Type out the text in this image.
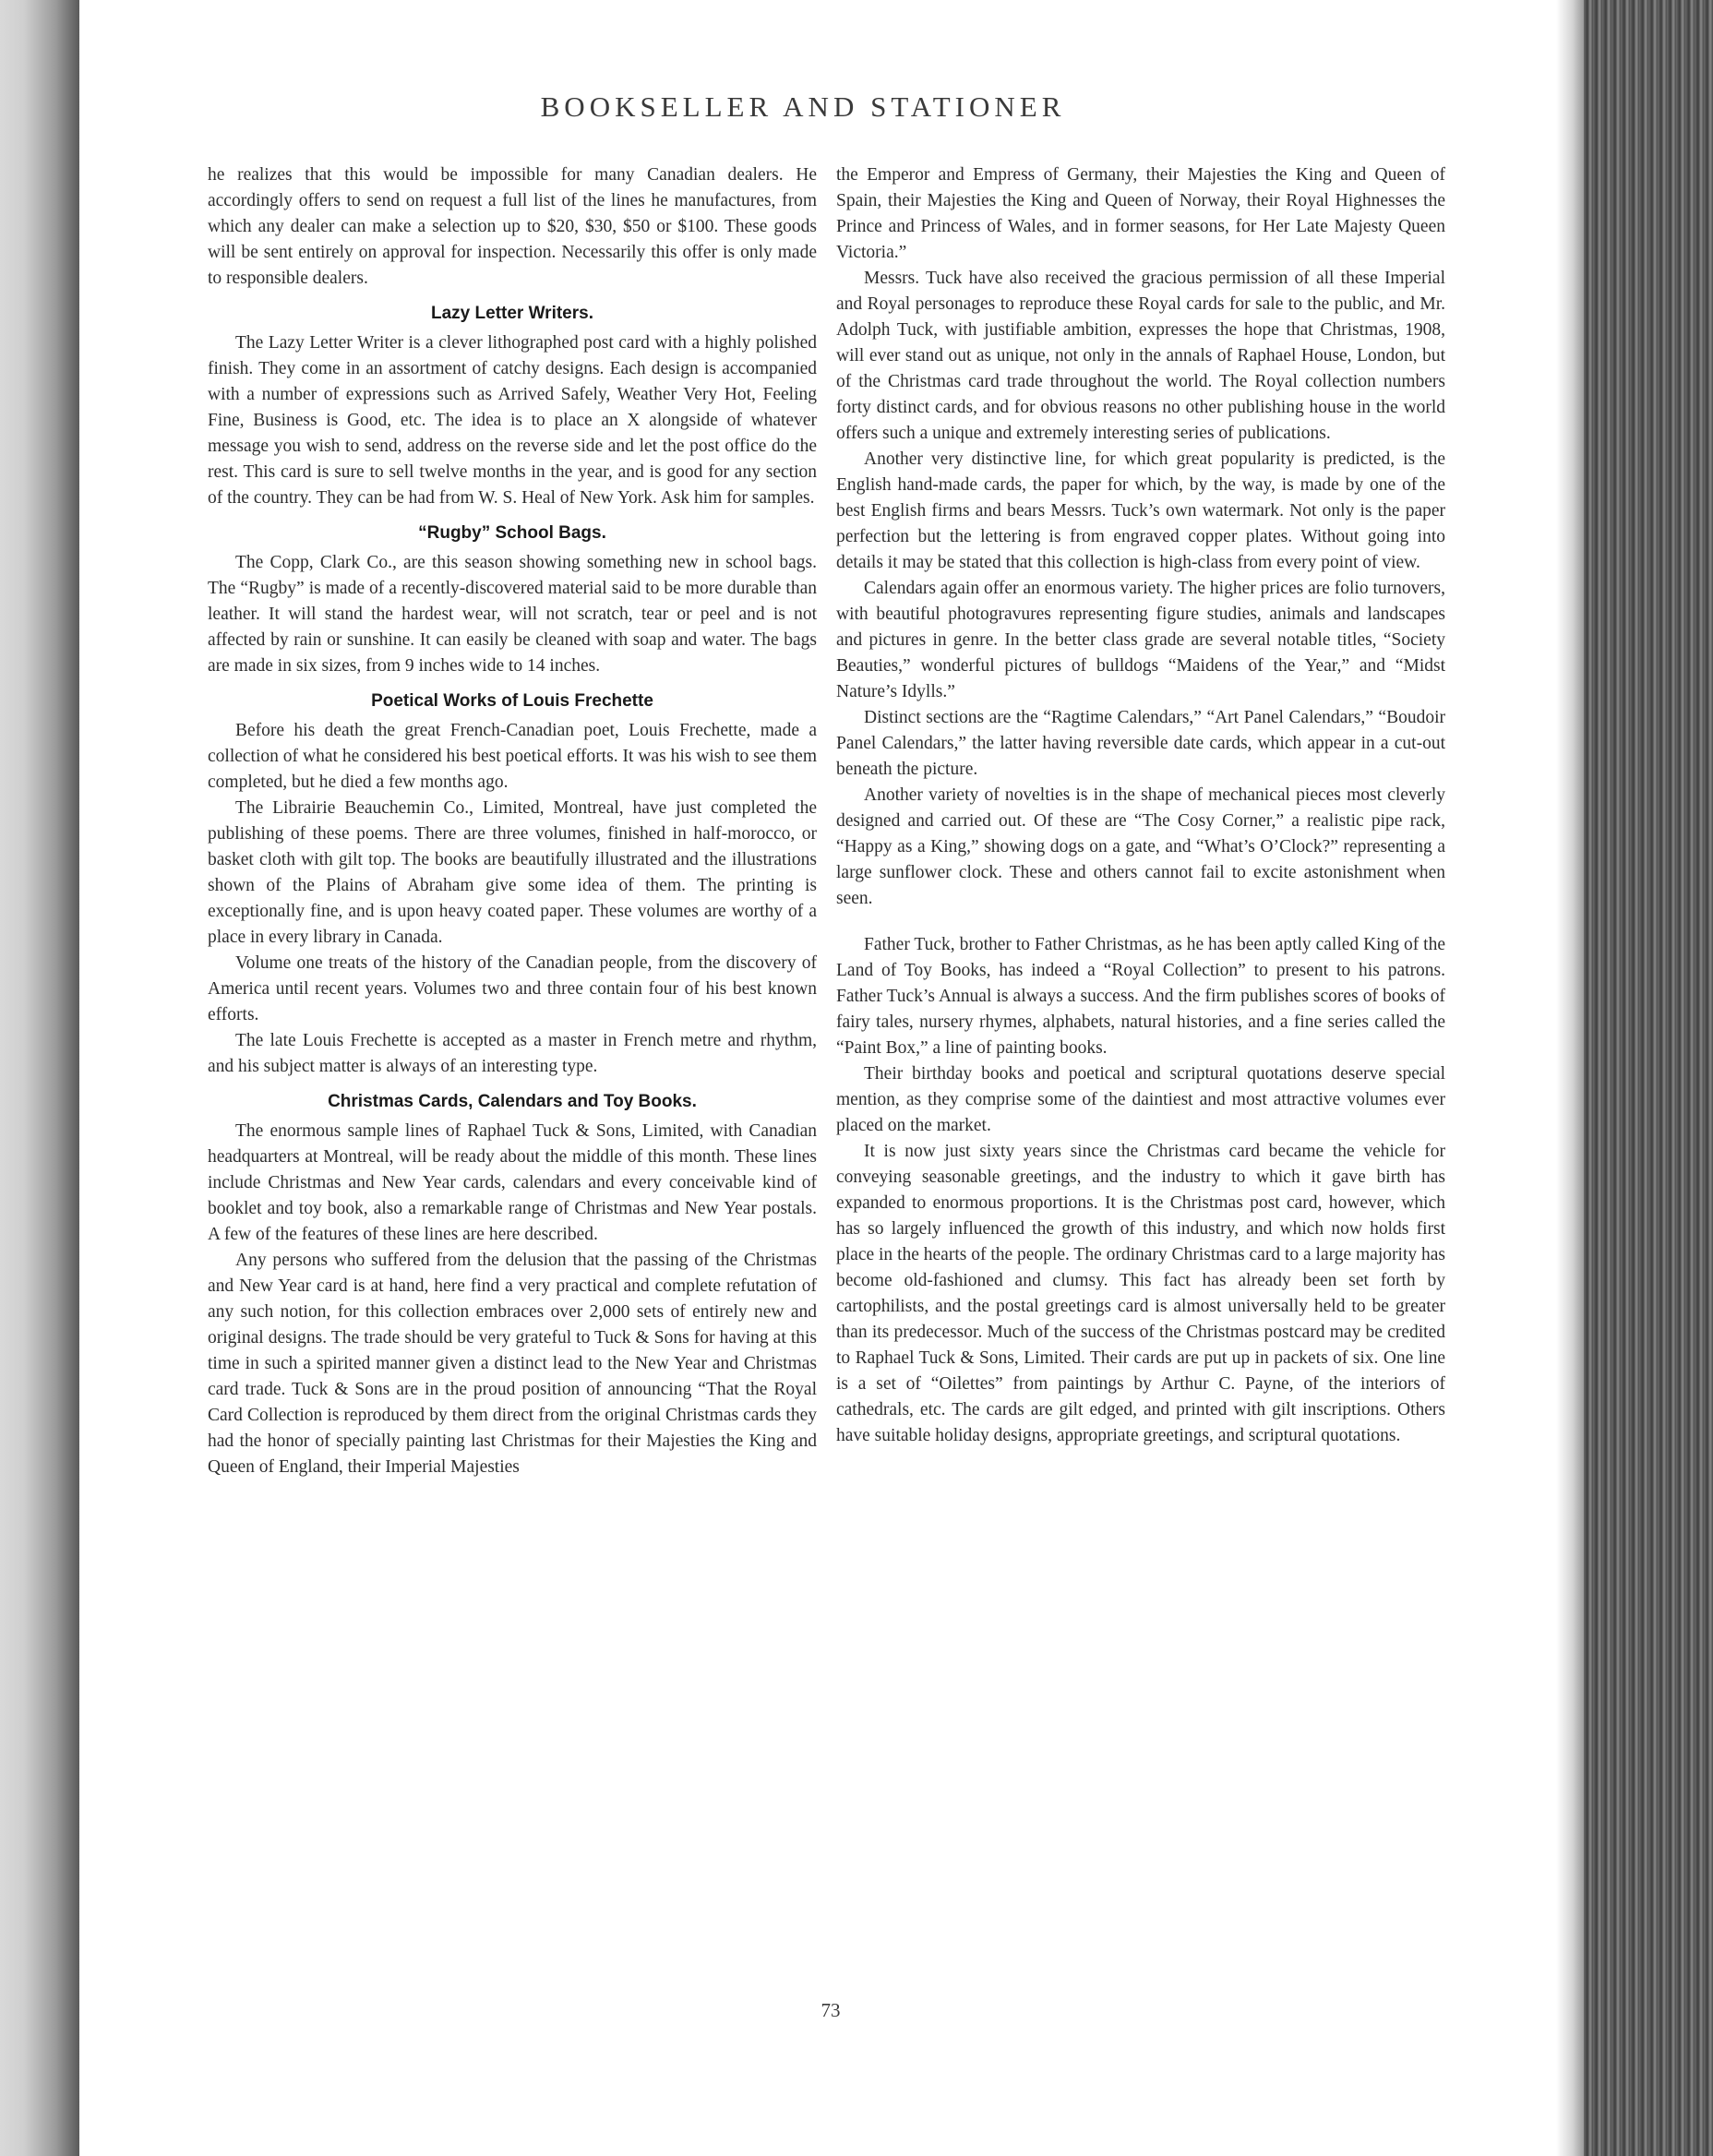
BOOKSELLER AND STATIONER

he realizes that this would be impossible for many Canadian dealers. He accordingly offers to send on request a full list of the lines he manufactures, from which any dealer can make a selection up to $20, $30, $50 or $100. These goods will be sent entirely on approval for inspection. Necessarily this offer is only made to responsible dealers.

Lazy Letter Writers.

The Lazy Letter Writer is a clever lithographed post card with a highly polished finish. They come in an assortment of catchy designs. Each design is accompanied with a number of expressions such as Arrived Safely, Weather Very Hot, Feeling Fine, Business is Good, etc. The idea is to place an X alongside of whatever message you wish to send, address on the reverse side and let the post office do the rest. This card is sure to sell twelve months in the year, and is good for any section of the country. They can be had from W. S. Heal of New York. Ask him for samples.

“Rugby” School Bags.

The Copp, Clark Co., are this season showing something new in school bags. The “Rugby” is made of a recently-discovered material said to be more durable than leather. It will stand the hardest wear, will not scratch, tear or peel and is not affected by rain or sunshine. It can easily be cleaned with soap and water. The bags are made in six sizes, from 9 inches wide to 14 inches.

Poetical Works of Louis Frechette

Before his death the great French-Canadian poet, Louis Frechette, made a collection of what he considered his best poetical efforts. It was his wish to see them completed, but he died a few months ago.

The Librairie Beauchemin Co., Limited, Montreal, have just completed the publishing of these poems. There are three volumes, finished in half-morocco, or basket cloth with gilt top. The books are beautifully illustrated and the illustrations shown of the Plains of Abraham give some idea of them. The printing is exceptionally fine, and is upon heavy coated paper. These volumes are worthy of a place in every library in Canada.

Volume one treats of the history of the Canadian people, from the discovery of America until recent years. Volumes two and three contain four of his best known efforts.

The late Louis Frechette is accepted as a master in French metre and rhythm, and his subject matter is always of an interesting type.

Christmas Cards, Calendars and Toy Books.

The enormous sample lines of Raphael Tuck & Sons, Limited, with Canadian headquarters at Montreal, will be ready about the middle of this month. These lines include Christmas and New Year cards, calendars and every conceivable kind of booklet and toy book, also a remarkable range of Christmas and New Year postals. A few of the features of these lines are here described.

Any persons who suffered from the delusion that the passing of the Christmas and New Year card is at hand, here find a very practical and complete refutation of any such notion, for this collection embraces over 2,000 sets of entirely new and original designs. The trade should be very grateful to Tuck & Sons for having at this time in such a spirited manner given a distinct lead to the New Year and Christmas card trade. Tuck & Sons are in the proud position of announcing “That the Royal Card Collection is reproduced by them direct from the original Christmas cards they had the honor of specially painting last Christmas for their Majesties the King and Queen of England, their Imperial Majesties

the Emperor and Empress of Germany, their Majesties the King and Queen of Spain, their Majesties the King and Queen of Norway, their Royal Highnesses the Prince and Princess of Wales, and in former seasons, for Her Late Majesty Queen Victoria.”

Messrs. Tuck have also received the gracious permission of all these Imperial and Royal personages to reproduce these Royal cards for sale to the public, and Mr. Adolph Tuck, with justifiable ambition, expresses the hope that Christmas, 1908, will ever stand out as unique, not only in the annals of Raphael House, London, but of the Christmas card trade throughout the world. The Royal collection numbers forty distinct cards, and for obvious reasons no other publishing house in the world offers such a unique and extremely interesting series of publications.

Another very distinctive line, for which great popularity is predicted, is the English hand-made cards, the paper for which, by the way, is made by one of the best English firms and bears Messrs. Tuck’s own watermark. Not only is the paper perfection but the lettering is from engraved copper plates. Without going into details it may be stated that this collection is high-class from every point of view.

Calendars again offer an enormous variety. The higher prices are folio turnovers, with beautiful photogravures representing figure studies, animals and landscapes and pictures in genre. In the better class grade are several notable titles, “Society Beauties,” wonderful pictures of bulldogs “Maidens of the Year,” and “Midst Nature’s Idylls.”

Distinct sections are the “Ragtime Calendars,” “Art Panel Calendars,” “Boudoir Panel Calendars,” the latter having reversible date cards, which appear in a cut-out beneath the picture.

Another variety of novelties is in the shape of mechanical pieces most cleverly designed and carried out. Of these are “The Cosy Corner,” a realistic pipe rack, “Happy as a King,” showing dogs on a gate, and “What’s O’Clock?” representing a large sunflower clock. These and others cannot fail to excite astonishment when seen.

Father Tuck, brother to Father Christmas, as he has been aptly called King of the Land of Toy Books, has indeed a “Royal Collection” to present to his patrons. Father Tuck’s Annual is always a success. And the firm publishes scores of books of fairy tales, nursery rhymes, alphabets, natural histories, and a fine series called the “Paint Box,” a line of painting books.

Their birthday books and poetical and scriptural quotations deserve special mention, as they comprise some of the daintiest and most attractive volumes ever placed on the market.

It is now just sixty years since the Christmas card became the vehicle for conveying seasonable greetings, and the industry to which it gave birth has expanded to enormous proportions. It is the Christmas post card, however, which has so largely influenced the growth of this industry, and which now holds first place in the hearts of the people. The ordinary Christmas card to a large majority has become old-fashioned and clumsy. This fact has already been set forth by cartophilists, and the postal greetings card is almost universally held to be greater than its predecessor. Much of the success of the Christmas postcard may be credited to Raphael Tuck & Sons, Limited. Their cards are put up in packets of six. One line is a set of “Oilettes” from paintings by Arthur C. Payne, of the interiors of cathedrals, etc. The cards are gilt edged, and printed with gilt inscriptions. Others have suitable holiday designs, appropriate greetings, and scriptural quotations.

73
